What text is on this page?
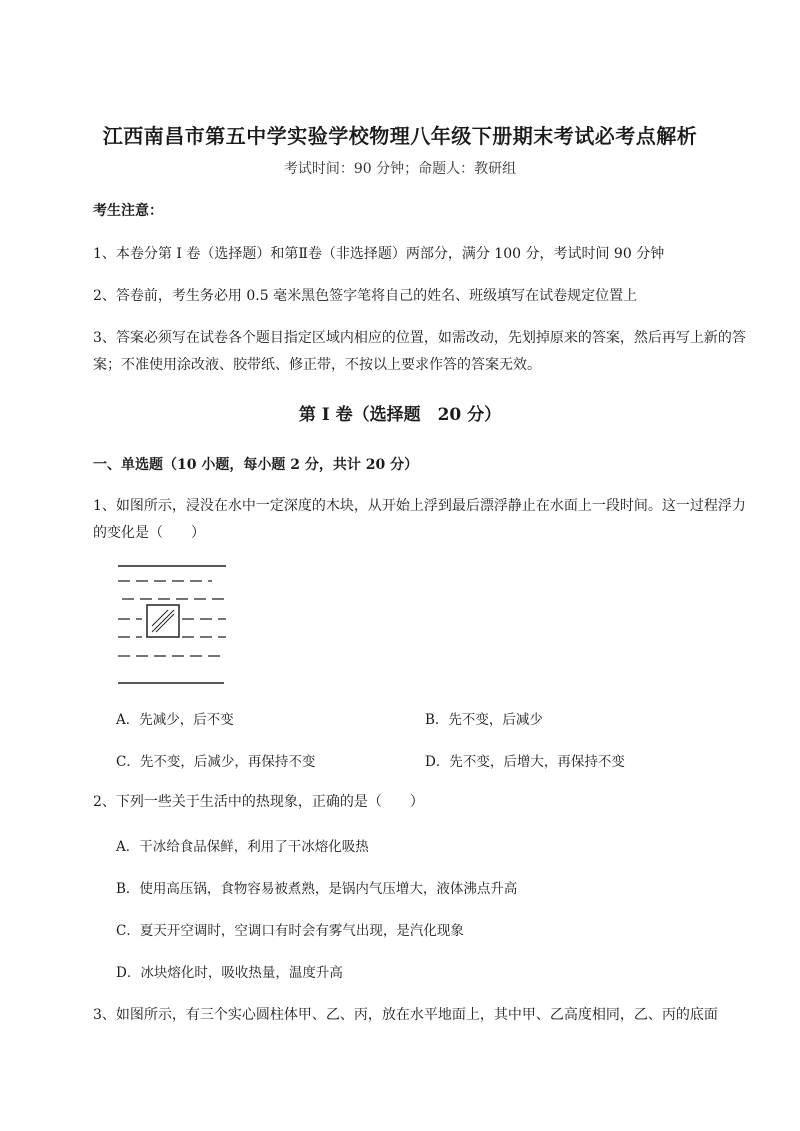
江西南昌市第五中学实验学校物理八年级下册期末考试必考点解析
考试时间：90 分钟；命题人：教研组
考生注意：
1、本卷分第 I 卷（选择题）和第Ⅱ卷（非选择题）两部分，满分 100 分，考试时间 90 分钟
2、答卷前，考生务必用 0.5 毫米黑色签字笔将自己的姓名、班级填写在试卷规定位置上
3、答案必须写在试卷各个题目指定区域内相应的位置，如需改动，先划掉原来的答案，然后再写上新的答案；不准使用涂改液、胶带纸、修正带，不按以上要求作答的答案无效。
第 I 卷（选择题　20 分）
一、单选题（10 小题，每小题 2 分，共计 20 分）
1、如图所示，浸没在水中一定深度的木块，从开始上浮到最后漂浮静止在水面上一段时间。这一过程浮力的变化是（　　）
A．先减少，后不变	B．先不变，后减少
C．先不变，后减少，再保持不变	D．先不变，后增大，再保持不变
2、下列一些关于生活中的热现象，正确的是（　　）
A．干冰给食品保鲜，利用了干冰熔化吸热
B．使用高压锅，食物容易被煮熟，是锅内气压增大，液体沸点升高
C．夏天开空调时，空调口有时会有雾气出现，是汽化现象
D．冰块熔化时，吸收热量，温度升高
3、如图所示，有三个实心圆柱体甲、乙、丙，放在水平地面上，其中甲、乙高度相同，乙、丙的底面
